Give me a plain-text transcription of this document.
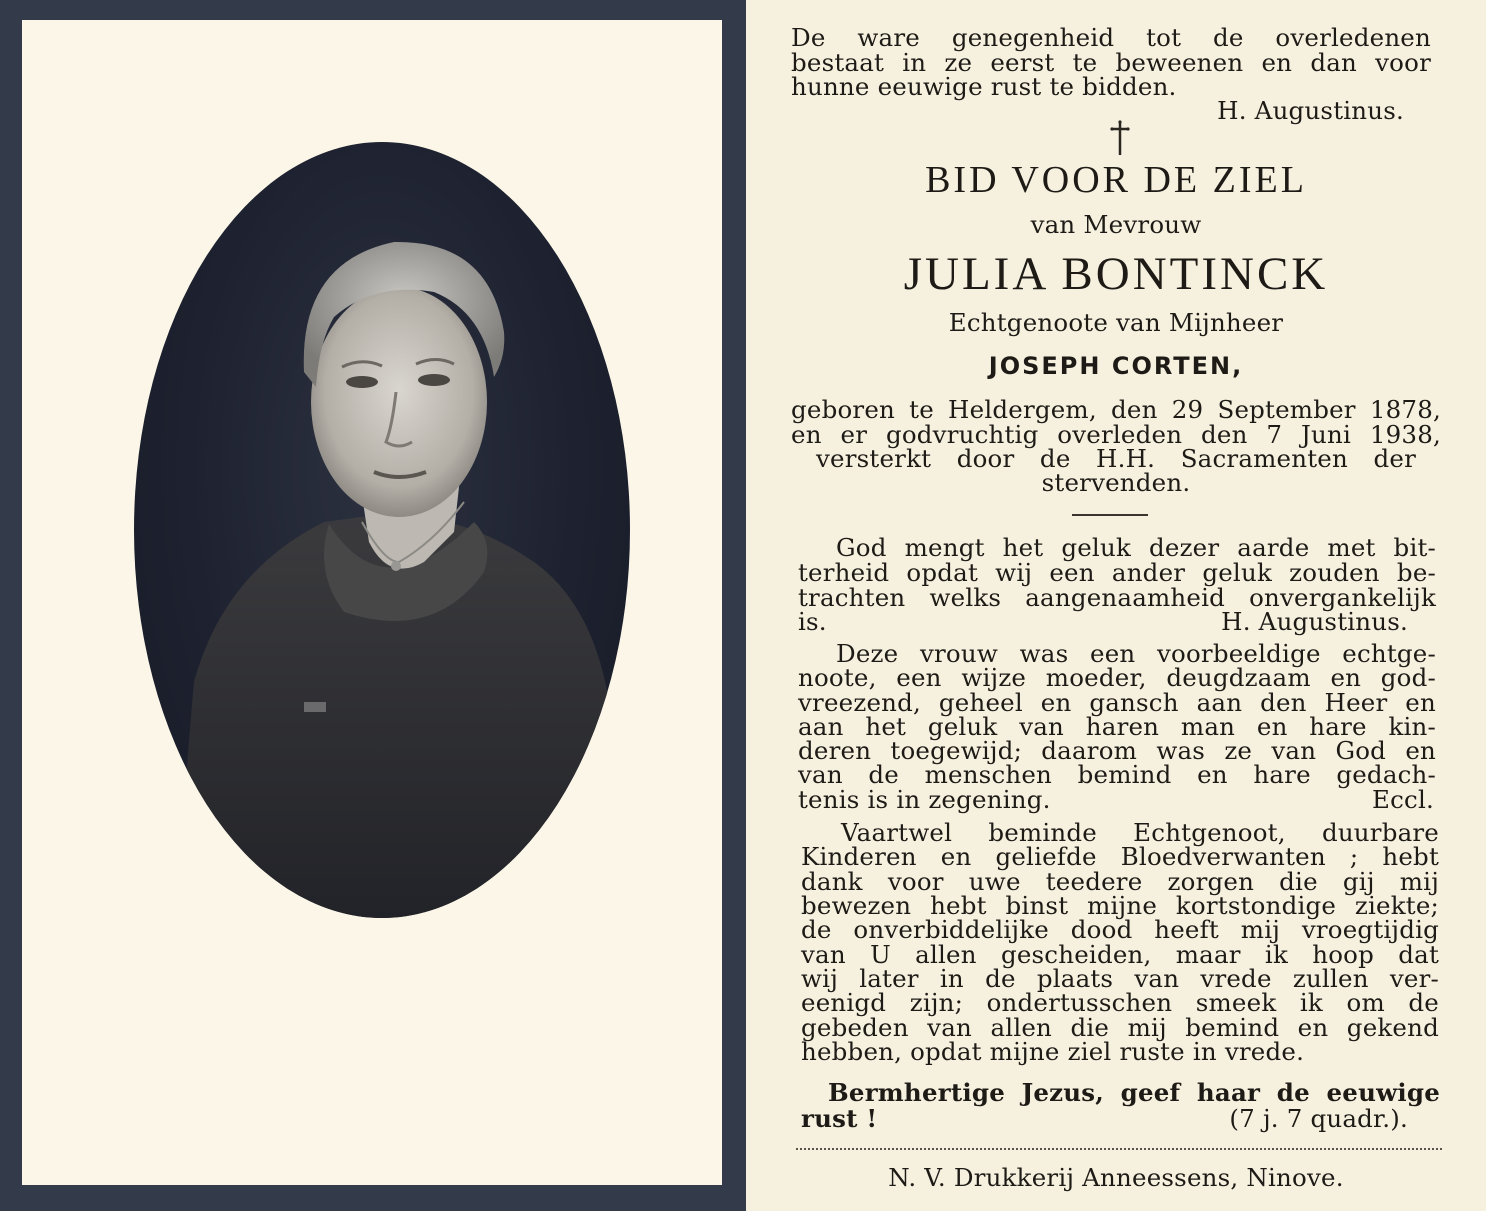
De ware genegenheid tot de overledenen

bestaat in ze eerst te beweenen en dan voor

hunne eeuwige rust te bidden.

H. Augustinus.

BID VOOR DE ZIEL

van Mevrouw

JULIA BONTINCK

Echtgenoote van Mijnheer

JOSEPH CORTEN,

geboren te Heldergem, den 29 September 1878,

en er godvruchtig overleden den 7 Juni 1938,

versterkt door de H.H. Sacramenten der

stervenden.

God mengt het geluk dezer aarde met bit-

terheid opdat wij een ander geluk zouden be-

trachten welks aangenaamheid onvergankelijk

is.	H. Augustinus.

Deze vrouw was een voorbeeldige echtge-

noote, een wijze moeder, deugdzaam en god-

vreezend, geheel en gansch aan den Heer en

aan het geluk van haren man en hare kin-

deren toegewijd; daarom was ze van God en

van de menschen bemind en hare gedach-

tenis is in zegening.	Eccl.

Vaartwel beminde Echtgenoot, duurbare

Kinderen en geliefde Bloedverwanten ; hebt

dank voor uwe teedere zorgen die gij mij

bewezen hebt binst mijne kortstondige ziekte;

de onverbiddelijke dood heeft mij vroegtijdig

van U allen gescheiden, maar ik hoop dat

wij later in de plaats van vrede zullen ver-

eenigd zijn; ondertusschen smeek ik om de

gebeden van allen die mij bemind en gekend

hebben, opdat mijne ziel ruste in vrede.

Bermhertige Jezus, geef haar de eeuwige

rust !	(7 j. 7 quadr.).

N. V. Drukkerij Anneessens, Ninove.
